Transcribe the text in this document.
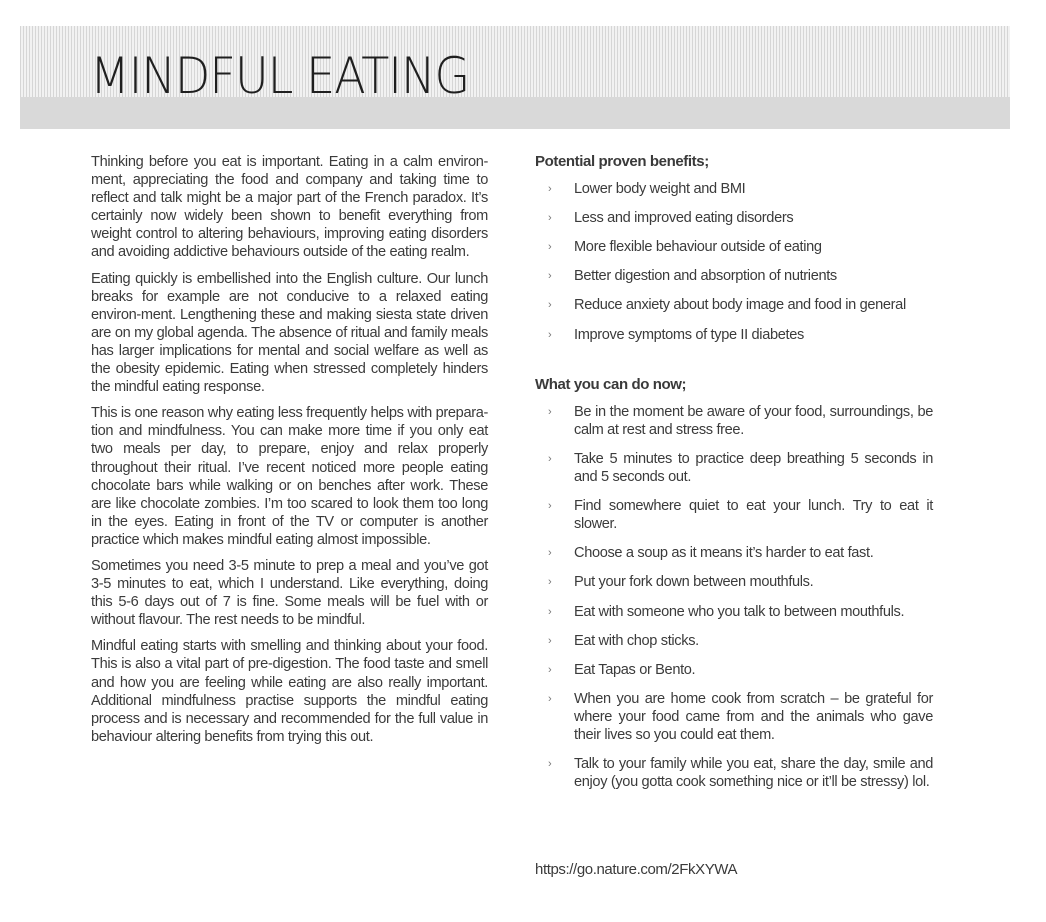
MINDFUL EATING

Thinking before you eat is important. Eating in a calm environ-ment, appreciating the food and company and taking time to reflect and talk might be a major part of the French paradox. It’s certainly now widely been shown to benefit everything from weight control to altering behaviours, improving eating disorders and avoiding addictive behaviours outside of the eating realm.

Eating quickly is embellished into the English culture. Our lunch breaks for example are not conducive to a relaxed eating environ-ment. Lengthening these and making siesta state driven are on my global agenda. The absence of ritual and family meals has larger implications for mental and social welfare as well as the obesity epidemic. Eating when stressed completely hinders the mindful eating response.

This is one reason why eating less frequently helps with prepara-tion and mindfulness. You can make more time if you only eat two meals per day, to prepare, enjoy and relax properly throughout their ritual. I’ve recent noticed more people eating chocolate bars while walking or on benches after work. These are like chocolate zombies. I’m too scared to look them too long in the eyes. Eating in front of the TV or computer is another practice which makes mindful eating almost impossible.

Sometimes you need 3-5 minute to prep a meal and you’ve got 3-5 minutes to eat, which I understand. Like everything, doing this 5-6 days out of 7 is fine. Some meals will be fuel with or without flavour. The rest needs to be mindful.

Mindful eating starts with smelling and thinking about your food. This is also a vital part of pre-digestion. The food taste and smell and how you are feeling while eating are also really important. Additional mindfulness practise supports the mindful eating process and is necessary and recommended for the full value in behaviour altering benefits from trying this out.

Potential proven benefits;
› Lower body weight and BMI
› Less and improved eating disorders
› More flexible behaviour outside of eating
› Better digestion and absorption of nutrients
› Reduce anxiety about body image and food in general
› Improve symptoms of type II diabetes
What you can do now;
› Be in the moment be aware of your food, surroundings, be calm at rest and stress free.
› Take 5 minutes to practice deep breathing 5 seconds in and 5 seconds out.
› Find somewhere quiet to eat your lunch. Try to eat it slower.
› Choose a soup as it means it’s harder to eat fast.
› Put your fork down between mouthfuls.
› Eat with someone who you talk to between mouthfuls.
› Eat with chop sticks.
› Eat Tapas or Bento.
› When you are home cook from scratch – be grateful for where your food came from and the animals who gave their lives so you could eat them.
› Talk to your family while you eat, share the day, smile and enjoy (you gotta cook something nice or it’ll be stressy) lol.
https://go.nature.com/2FkXYWA
